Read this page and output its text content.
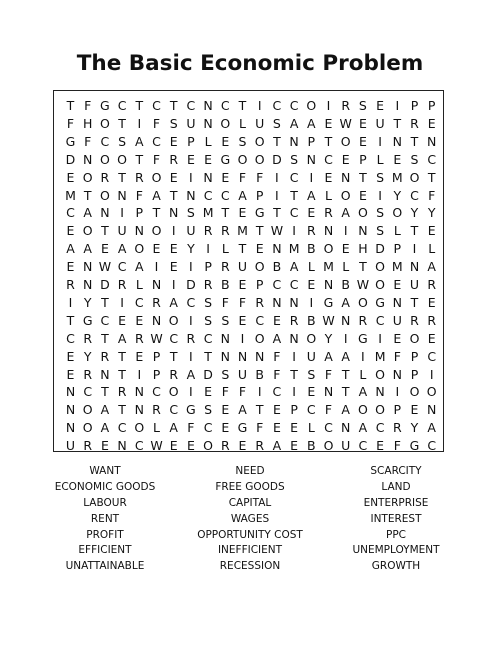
The Basic Economic Problem
T F G C T C T C N C T I C C O I R S E I P P
F H O T I F S U N O L U S A A E W E U T R E
G F C S A C E P L E S O T N P T O E I N T N
D N O O T F R E E G O O D S N C E P L E S C
E O R T R O E I N E F F I C I E N T S M O T
M T O N F A T N C C A P I T A L O E I Y C F
C A N I P T N S M T E G T C E R A O S O Y Y
E O T U N O I U R R M T W I R N I N S L T E
A A E A O E E Y I L T E N M B O E H D P I L
E N W C A I E I P R U O B A L M L T O M N A
R N D R L N I D R B E P C C E N B W O E U R
I Y T I C R A C S F F R N N I G A O G N T E
T G C E E N O I S S E C E R B W N R C U R R
C R T A R W C R C N I O A N O Y I G I E O E
E Y R T E P T I T N N N F I U A A I M F P C
E R N T I P R A D S U B F T S F T L O N P I
N C T R N C O I E F F I C I E N T A N I O O
N O A T N R C G S E A T E P C F A O O P E N
N O A C O L A F C E G F E E L C N A C R Y A
U R E N C W E E O R E R A E B O U C E F G C
WANT
ECONOMIC GOODS
LABOUR
RENT
PROFIT
EFFICIENT
UNATTAINABLE
NEED
FREE GOODS
CAPITAL
WAGES
OPPORTUNITY COST
INEFFICIENT
RECESSION
SCARCITY
LAND
ENTERPRISE
INTEREST
PPC
UNEMPLOYMENT
GROWTH
